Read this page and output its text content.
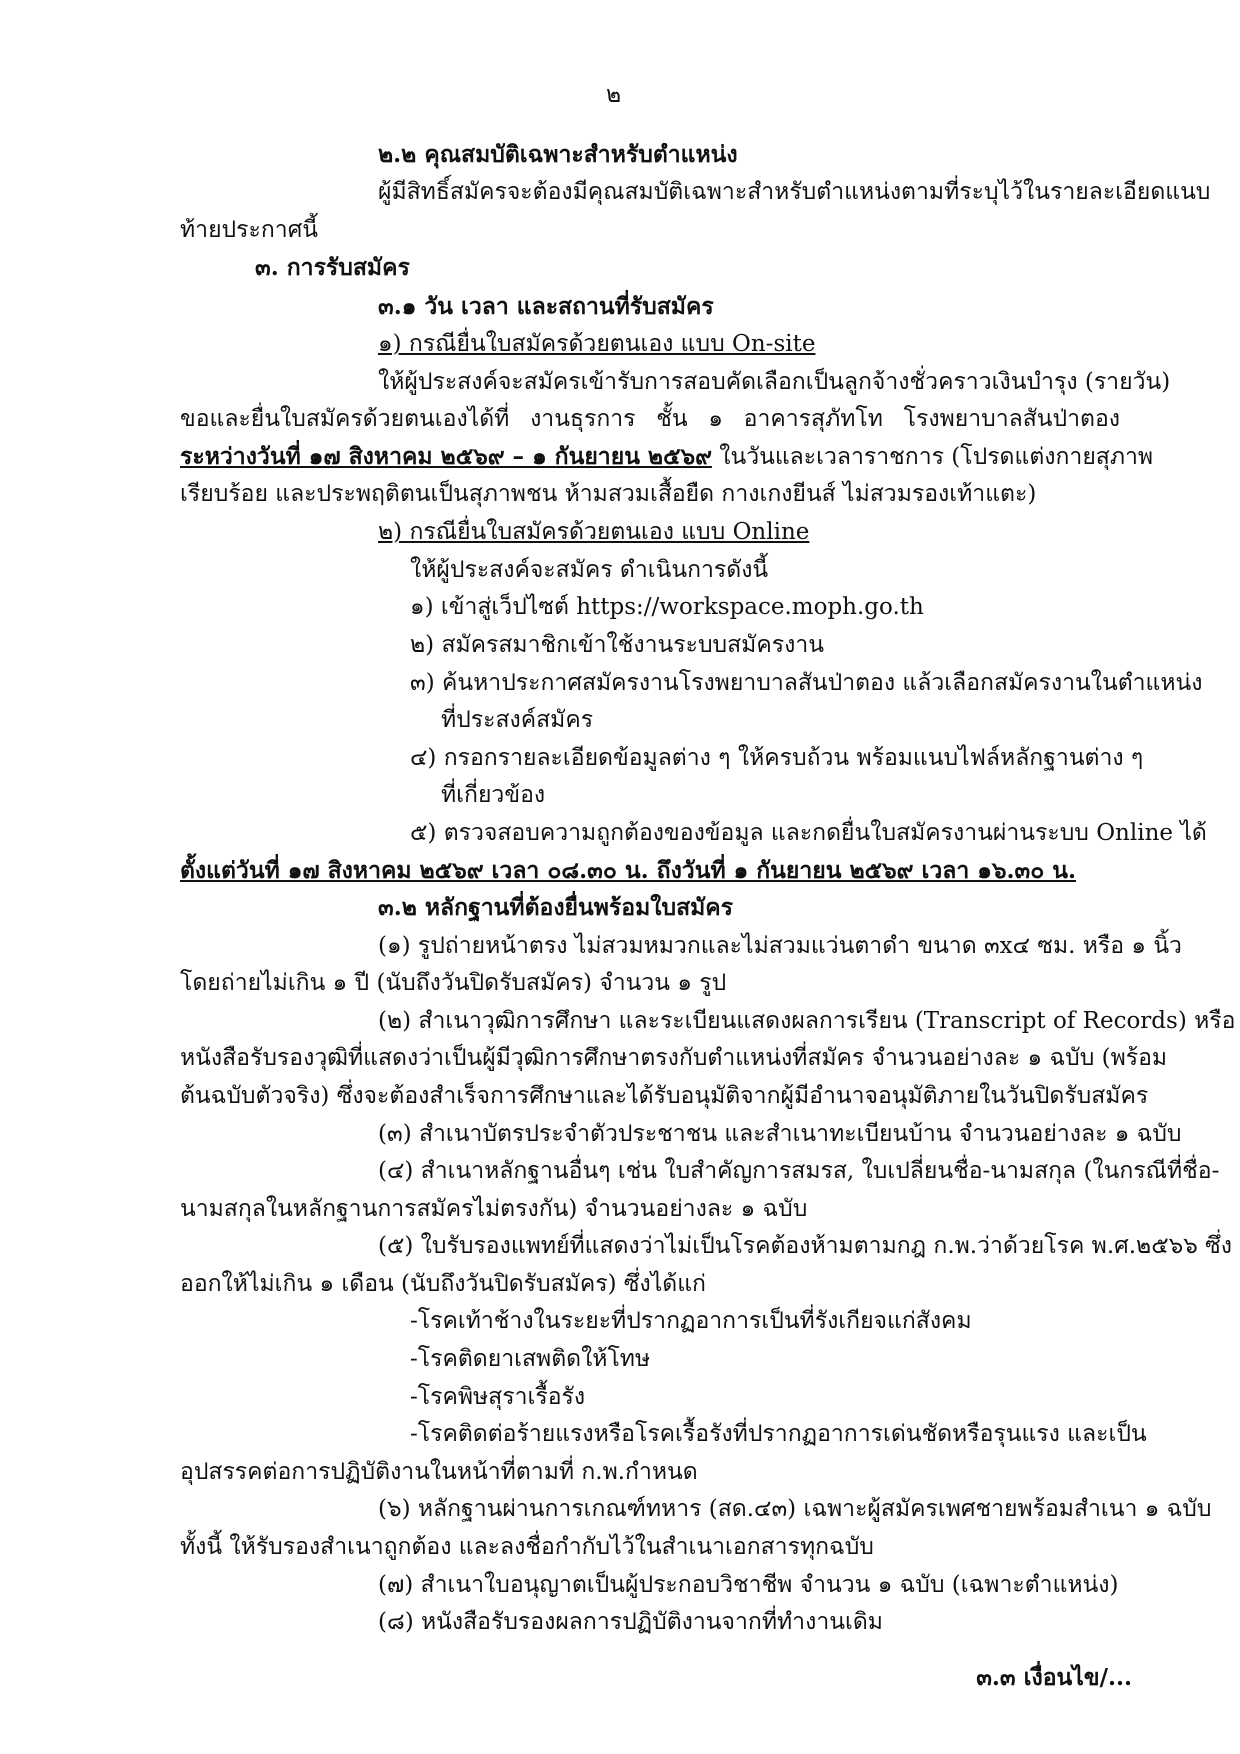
๒
๒.๒ คุณสมบัติเฉพาะสำหรับตำแหน่ง
ผู้มีสิทธิ์สมัครจะต้องมีคุณสมบัติเฉพาะสำหรับตำแหน่งตามที่ระบุไว้ในรายละเอียดแนบ
ท้ายประกาศนี้
๓. การรับสมัคร
๓.๑ วัน เวลา และสถานที่รับสมัคร
๑) กรณียื่นใบสมัครด้วยตนเอง แบบ On-site
ให้ผู้ประสงค์จะสมัครเข้ารับการสอบคัดเลือกเป็นลูกจ้างชั่วคราวเงินบำรุง (รายวัน)
ขอและยื่นใบสมัครด้วยตนเองได้ที่ งานธุรการ ชั้น ๑ อาคารสุภัทโท โรงพยาบาลสันป่าตอง
ระหว่างวันที่ ๑๗ สิงหาคม ๒๕๖๙ – ๑ กันยายน ๒๕๖๙ ในวันและเวลาราชการ (โปรดแต่งกายสุภาพ
เรียบร้อย และประพฤติตนเป็นสุภาพชน ห้ามสวมเสื้อยืด กางเกงยีนส์ ไม่สวมรองเท้าแตะ)
๒) กรณียื่นใบสมัครด้วยตนเอง แบบ Online
ให้ผู้ประสงค์จะสมัคร ดำเนินการดังนี้
๑) เข้าสู่เว็ปไซต์ https://workspace.moph.go.th
๒) สมัครสมาชิกเข้าใช้งานระบบสมัครงาน
๓) ค้นหาประกาศสมัครงานโรงพยาบาลสันป่าตอง แล้วเลือกสมัครงานในตำแหน่ง
ที่ประสงค์สมัคร
๔) กรอกรายละเอียดข้อมูลต่าง ๆ ให้ครบถ้วน พร้อมแนบไฟล์หลักฐานต่าง ๆ
ที่เกี่ยวข้อง
๕) ตรวจสอบความถูกต้องของข้อมูล และกดยื่นใบสมัครงานผ่านระบบ Online ได้
ตั้งแต่วันที่ ๑๗ สิงหาคม ๒๕๖๙ เวลา ๐๘.๓๐ น. ถึงวันที่ ๑ กันยายน ๒๕๖๙ เวลา ๑๖.๓๐ น.
๓.๒ หลักฐานที่ต้องยื่นพร้อมใบสมัคร
(๑) รูปถ่ายหน้าตรง ไม่สวมหมวกและไม่สวมแว่นตาดำ ขนาด ๓x๔ ซม. หรือ ๑ นิ้ว
โดยถ่ายไม่เกิน ๑ ปี (นับถึงวันปิดรับสมัคร) จำนวน ๑ รูป
(๒) สำเนาวุฒิการศึกษา และระเบียนแสดงผลการเรียน (Transcript of Records) หรือ
หนังสือรับรองวุฒิที่แสดงว่าเป็นผู้มีวุฒิการศึกษาตรงกับตำแหน่งที่สมัคร จำนวนอย่างละ ๑ ฉบับ (พร้อม
ต้นฉบับตัวจริง) ซึ่งจะต้องสำเร็จการศึกษาและได้รับอนุมัติจากผู้มีอำนาจอนุมัติภายในวันปิดรับสมัคร
(๓) สำเนาบัตรประจำตัวประชาชน และสำเนาทะเบียนบ้าน จำนวนอย่างละ ๑ ฉบับ
(๔) สำเนาหลักฐานอื่นๆ เช่น ใบสำคัญการสมรส, ใบเปลี่ยนชื่อ-นามสกุล (ในกรณีที่ชื่อ-
นามสกุลในหลักฐานการสมัครไม่ตรงกัน) จำนวนอย่างละ ๑ ฉบับ
(๕) ใบรับรองแพทย์ที่แสดงว่าไม่เป็นโรคต้องห้ามตามกฎ ก.พ.ว่าด้วยโรค พ.ศ.๒๕๖๖ ซึ่ง
ออกให้ไม่เกิน ๑ เดือน (นับถึงวันปิดรับสมัคร) ซึ่งได้แก่
-โรคเท้าช้างในระยะที่ปรากฏอาการเป็นที่รังเกียจแก่สังคม
-โรคติดยาเสพติดให้โทษ
-โรคพิษสุราเรื้อรัง
-โรคติดต่อร้ายแรงหรือโรคเรื้อรังที่ปรากฏอาการเด่นชัดหรือรุนแรง และเป็น
อุปสรรคต่อการปฏิบัติงานในหน้าที่ตามที่ ก.พ.กำหนด
(๖) หลักฐานผ่านการเกณฑ์ทหาร (สด.๔๓) เฉพาะผู้สมัครเพศชายพร้อมสำเนา ๑ ฉบับ
ทั้งนี้ ให้รับรองสำเนาถูกต้อง และลงชื่อกำกับไว้ในสำเนาเอกสารทุกฉบับ
(๗) สำเนาใบอนุญาตเป็นผู้ประกอบวิชาชีพ จำนวน ๑ ฉบับ (เฉพาะตำแหน่ง)
(๘) หนังสือรับรองผลการปฏิบัติงานจากที่ทำงานเดิม
๓.๓ เงื่อนไข/...
